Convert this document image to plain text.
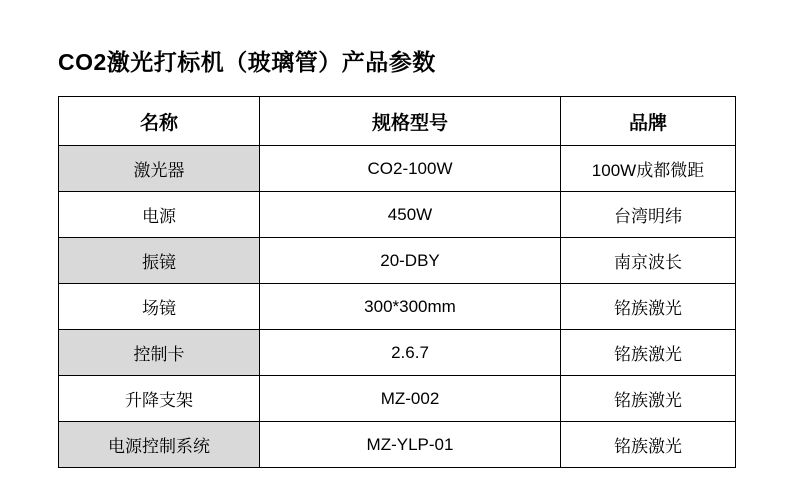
CO2激光打标机（玻璃管）产品参数
名称	规格型号	品牌
激光器	CO2-100W	100W成都微距
电源	450W	台湾明纬
振镜	20-DBY	南京波长
场镜	300*300mm	铭族激光
控制卡	2.6.7	铭族激光
升降支架	MZ-002	铭族激光
电源控制系统	MZ-YLP-01	铭族激光
